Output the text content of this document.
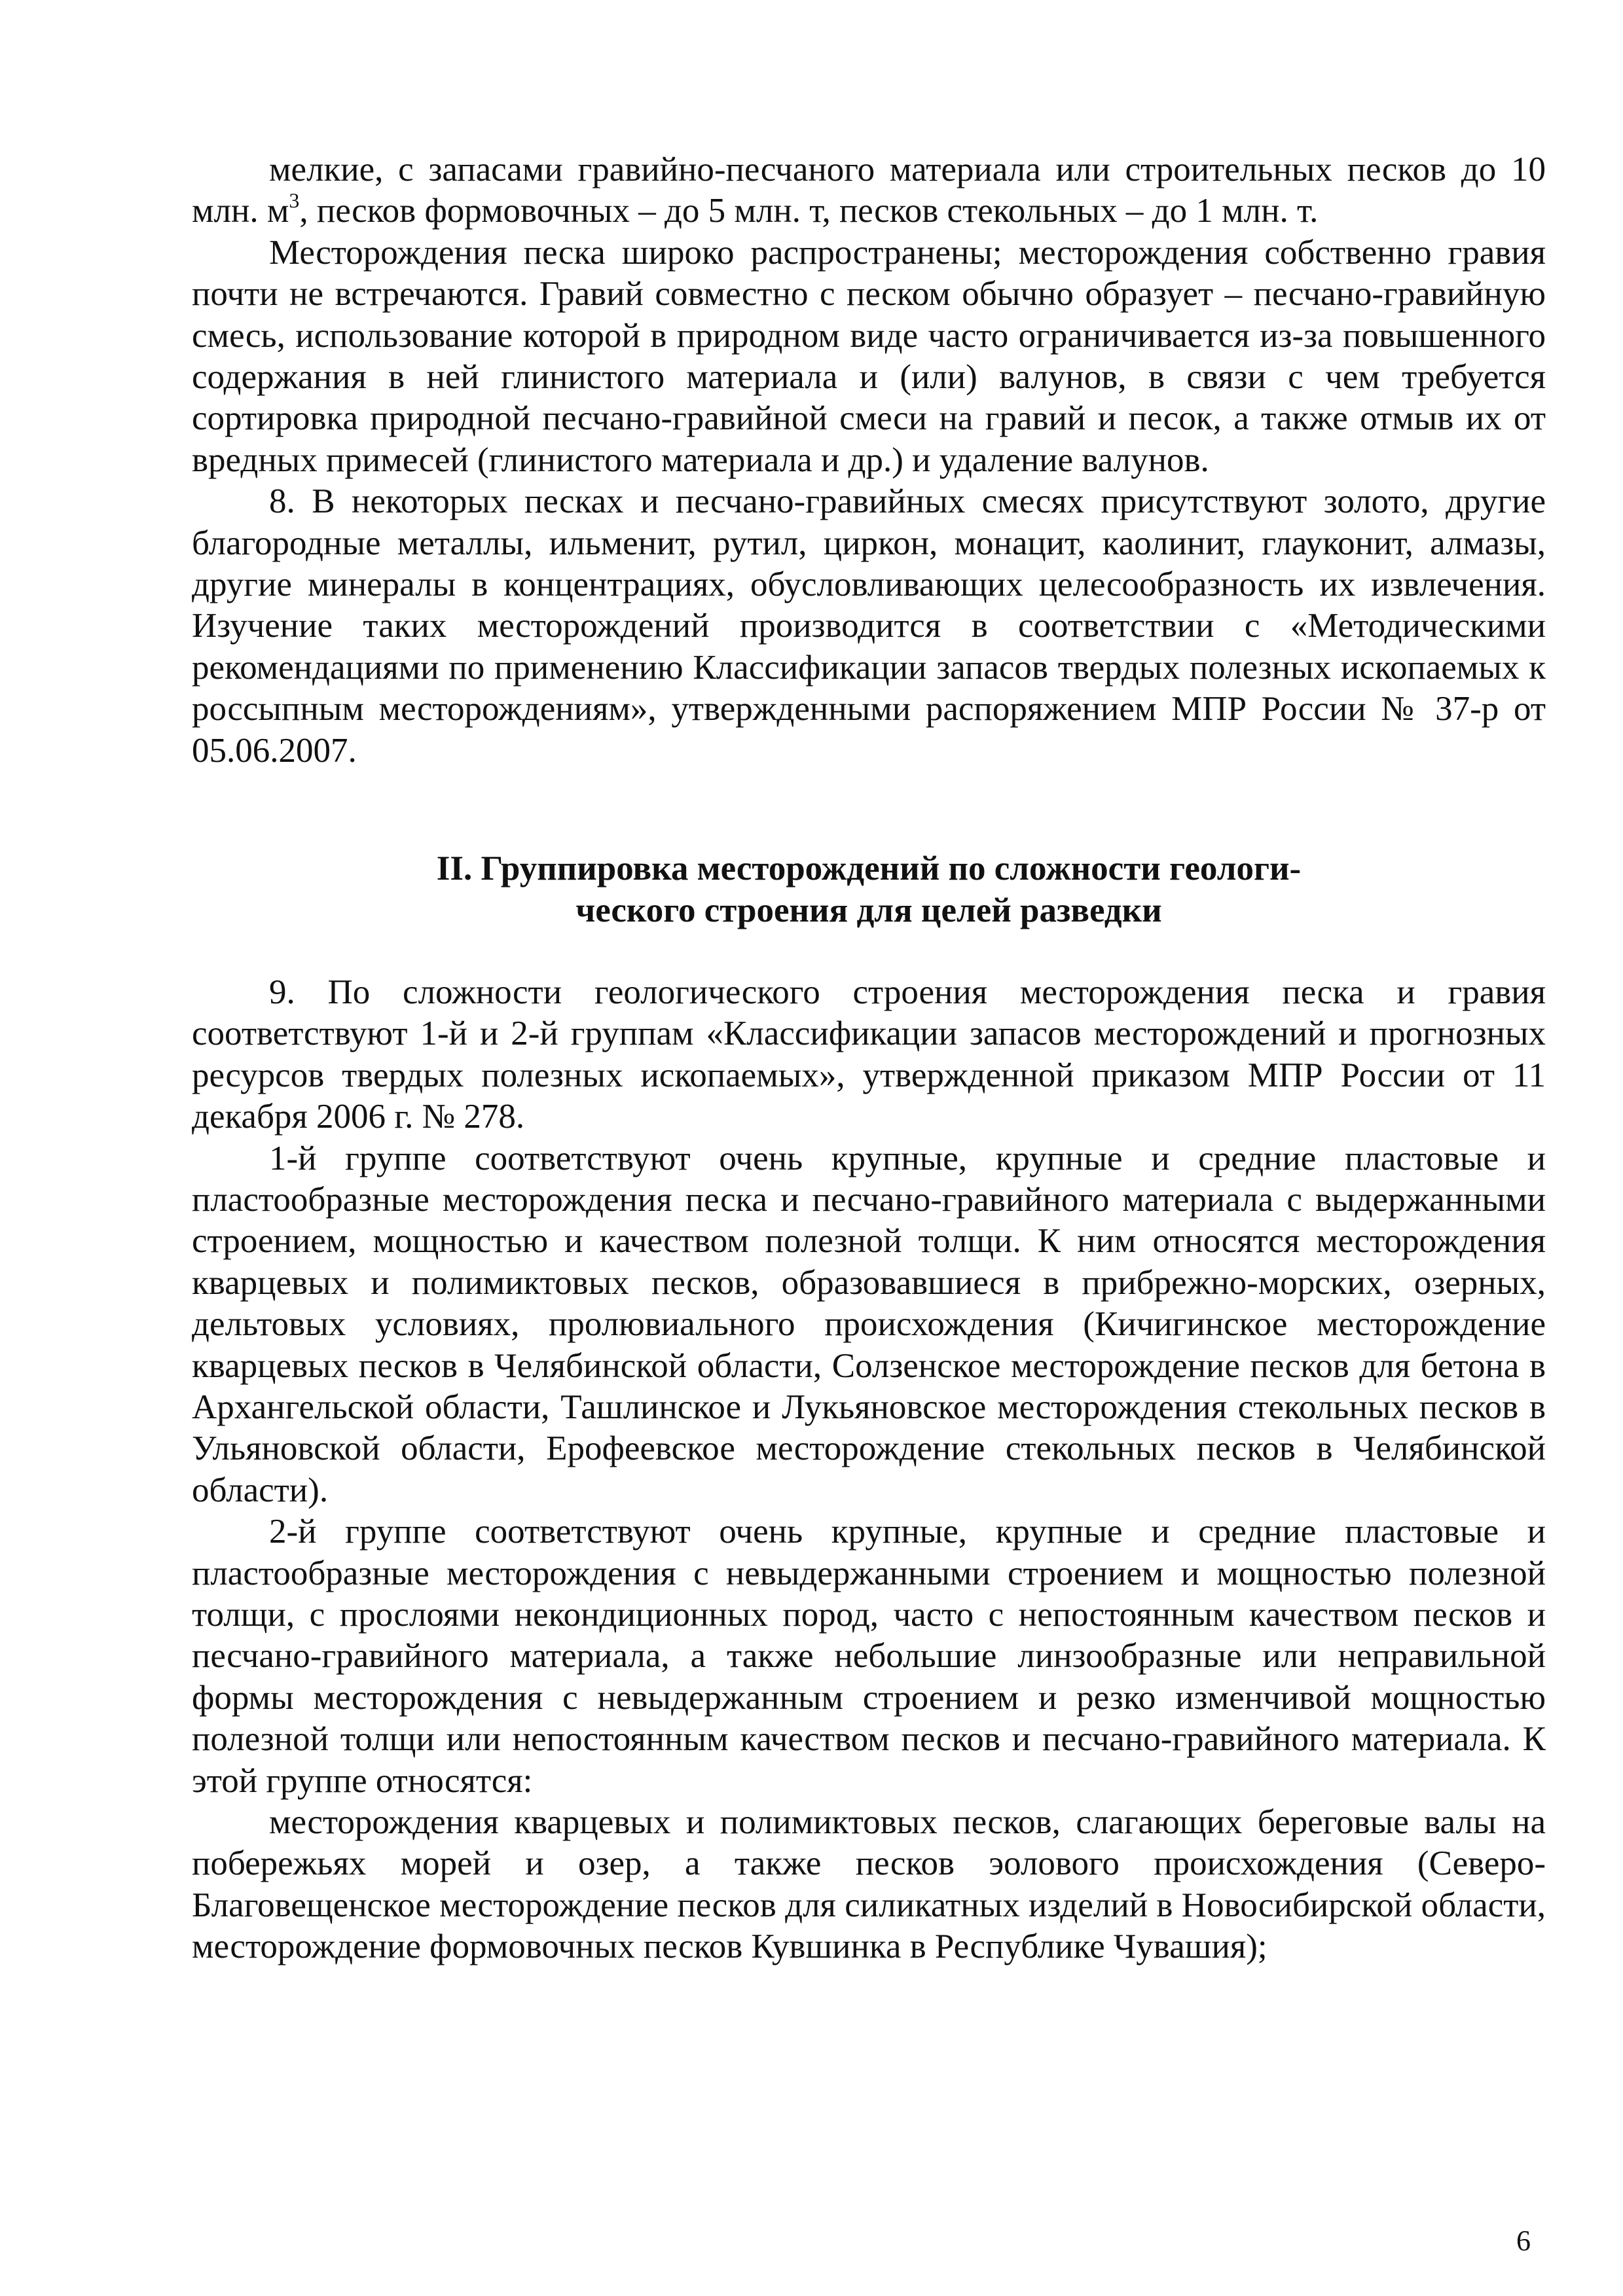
мелкие, с запасами гравийно-песчаного материала или строительных песков до 10 млн. $м^3$, песков формовочных – до 5 млн. т, песков стекольных – до 1 млн. т.

Месторождения песка широко распространены; месторождения собственно гравия почти не встречаются. Гравий совместно с песком обычно образует – песчано-гравийную смесь, использование которой в природном виде часто ограничивается из-за повышенного содержания в ней глинистого материала и (или) валунов, в связи с чем требуется сортировка природной песчано-гравийной смеси на гравий и песок, а также отмыв их от вредных примесей (глинистого материала и др.) и удаление валунов.

8. В некоторых песках и песчано-гравийных смесях присутствуют золото, другие благородные металлы, ильменит, рутил, циркон, монацит, каолинит, глауконит, алмазы, другие минералы в концентрациях, обусловливающих целесообразность их извлечения. Изучение таких месторождений производится в соответствии с «Методическими рекомендациями по применению Классификации запасов твердых полезных ископаемых к россыпным месторождениям», утвержденными распоряжением МПР России № 37-р от 05.06.2007.

II. Группировка месторождений по сложности геологи-
ческого строения для целей разведки

9. По сложности геологического строения месторождения песка и гравия соответствуют 1-й и 2-й группам «Классификации запасов месторождений и прогнозных ресурсов твердых полезных ископаемых», утвержденной приказом МПР России от 11 декабря 2006 г. № 278.

1-й группе соответствуют очень крупные, крупные и средние пластовые и пластообразные месторождения песка и песчано-гравийного материала с выдержанными строением, мощностью и качеством полезной толщи. К ним относятся месторождения кварцевых и полимиктовых песков, образовавшиеся в прибрежно-морских, озерных, дельтовых условиях, пролювиального происхождения (Кичигинское месторождение кварцевых песков в Челябинской области, Солзенское месторождение песков для бетона в Архангельской области, Ташлинское и Лукьяновское месторождения стекольных песков в Ульяновской области, Ерофеевское месторождение стекольных песков в Челябинской области).

2-й группе соответствуют очень крупные, крупные и средние пластовые и пластообразные месторождения с невыдержанными строением и мощностью полезной толщи, с прослоями некондиционных пород, часто с непостоянным качеством песков и песчано-гравийного материала, а также небольшие линзообразные или неправильной формы месторождения с невыдержанным строением и резко изменчивой мощностью полезной толщи или непостоянным качеством песков и песчано-гравийного материала. К этой группе относятся:

месторождения кварцевых и полимиктовых песков, слагающих береговые валы на побережьях морей и озер, а также песков эолового происхождения (Северо-Благовещенское месторождение песков для силикатных изделий в Новосибирской области, месторождение формовочных песков Кувшинка в Республике Чувашия);

6
